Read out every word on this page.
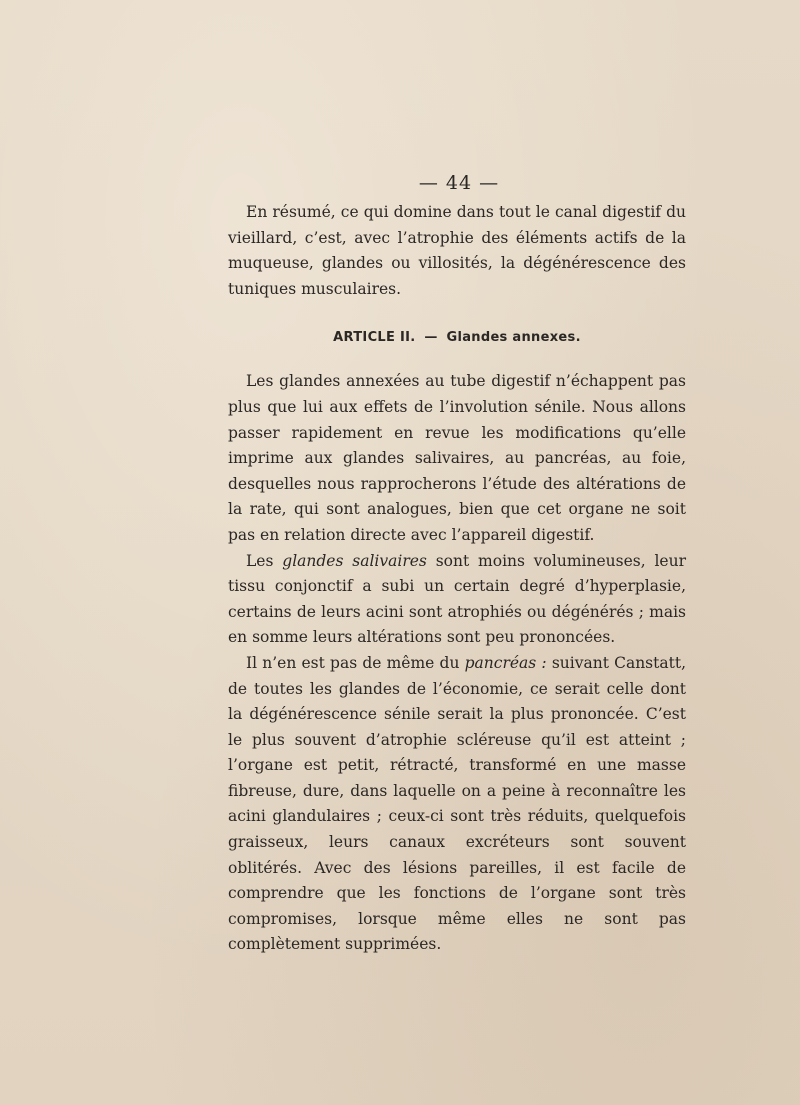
— 44 —

En résumé, ce qui domine dans tout le canal digestif du vieillard, c’est, avec l’atrophie des éléments actifs de la muqueuse, glandes ou villosités, la dégénérescence des tuniques musculaires.

ARTICLE II. — Glandes annexes.

Les glandes annexées au tube digestif n’échappent pas plus que lui aux effets de l’involution sénile. Nous allons passer rapidement en revue les modifications qu’elle imprime aux glandes salivaires, au pancréas, au foie, desquelles nous rapprocherons l’étude des altérations de la rate, qui sont analogues, bien que cet organe ne soit pas en relation directe avec l’appareil digestif.

Les glandes salivaires sont moins volumineuses, leur tissu conjonctif a subi un certain degré d’hyperplasie, certains de leurs acini sont atrophiés ou dégénérés ; mais en somme leurs altérations sont peu prononcées.

Il n’en est pas de même du pancréas : suivant Canstatt, de toutes les glandes de l’économie, ce serait celle dont la dégénérescence sénile serait la plus prononcée. C’est le plus souvent d’atrophie scléreuse qu’il est atteint ; l’organe est petit, rétracté, transformé en une masse fibreuse, dure, dans laquelle on a peine à reconnaître les acini glandulaires ; ceux-ci sont très réduits, quelquefois graisseux, leurs canaux excréteurs sont souvent oblitérés. Avec des lésions pareilles, il est facile de comprendre que les fonctions de l’organe sont très compromises, lorsque même elles ne sont pas complètement supprimées.
